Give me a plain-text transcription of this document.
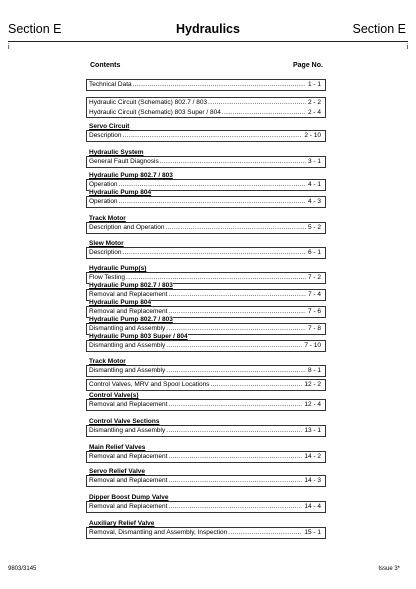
Section E	Hydraulics	Section E
i	i
Contents	Page No.
Technical Data .....	1 - 1
Hydraulic Circuit (Schematic) 802.7 / 803 .....	2 - 2
Hydraulic Circuit (Schematic) 803 Super / 804 .....	2 - 4
Servo Circuit
Description .....	2 - 10
Hydraulic System
General Fault Diagnosis .....	3 - 1
Hydraulic Pump 802.7 / 803
Operation .....	4 - 1
Hydraulic Pump 804
Operation .....	4 - 3
Track Motor
Description and Operation .....	5 - 2
Slew Motor
Description .....	6 - 1
Hydraulic Pump(s)
Flow Testing .....	7 - 2
Hydraulic Pump 802.7 / 803
Removal and Replacement .....	7 - 4
Hydraulic Pump 804
Removal and Replacement .....	7 - 6
Hydraulic Pump 802.7 / 803
Dismantling and Assembly .....	7 - 8
Hydraulic Pump 803 Super / 804
Dismantling and Assembly .....	7 - 10
Track Motor
Dismantling and Assembly .....	8 - 1
Control Valves, MRV and Spool Locations .....	12 - 2
Control Valve(s)
Removal and Replacement .....	12 - 4
Control Valve Sections
Dismantling and Assembly .....	13 - 1
Main Relief Valves
Removal and Replacement .....	14 - 2
Servo Relief Valve
Removal and Replacement .....	14 - 3
Dipper Boost Dump Valve
Removal and Replacement .....	14 - 4
Auxiliary Relief Valve
Removal, Dismantling and Assembly, Inspection .....	15 - 1
9803/3145	Issue 3*
